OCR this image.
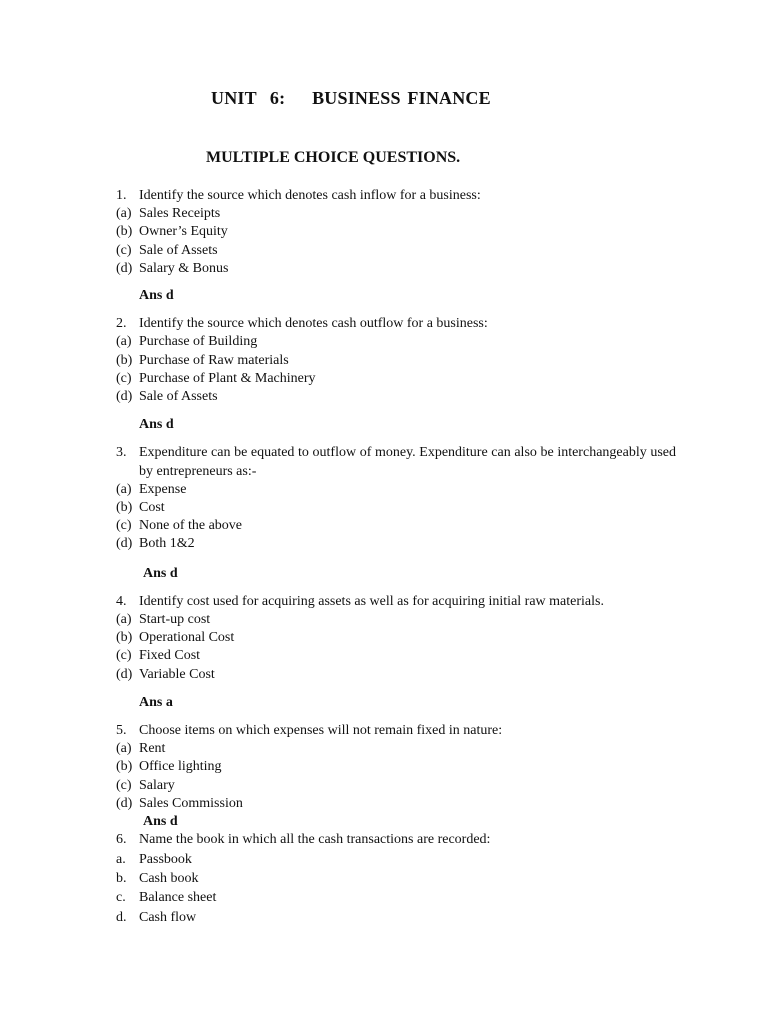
UNIT  6:    BUSINESS FINANCE
MULTIPLE CHOICE QUESTIONS.
1. Identify the source which denotes cash inflow for a business:
(a) Sales Receipts
(b) Owner’s Equity
(c) Sale of Assets
(d) Salary & Bonus
Ans d
2. Identify the source which denotes cash outflow for a business:
(a) Purchase of Building
(b) Purchase of Raw materials
(c) Purchase of Plant & Machinery
(d) Sale of Assets
Ans d
3. Expenditure can be equated to outflow of money. Expenditure can also be interchangeably used by entrepreneurs as:-
(a) Expense
(b) Cost
(c) None of the above
(d) Both 1&2
Ans d
4. Identify cost used for acquiring assets as well as for acquiring initial raw materials.
(a) Start-up cost
(b) Operational Cost
(c) Fixed Cost
(d) Variable Cost
Ans a
5. Choose items on which expenses will not remain fixed in nature:
(a) Rent
(b) Office lighting
(c) Salary
(d) Sales Commission
Ans d
6. Name the book in which all the cash transactions are recorded:
a. Passbook
b. Cash book
c. Balance sheet
d. Cash flow
